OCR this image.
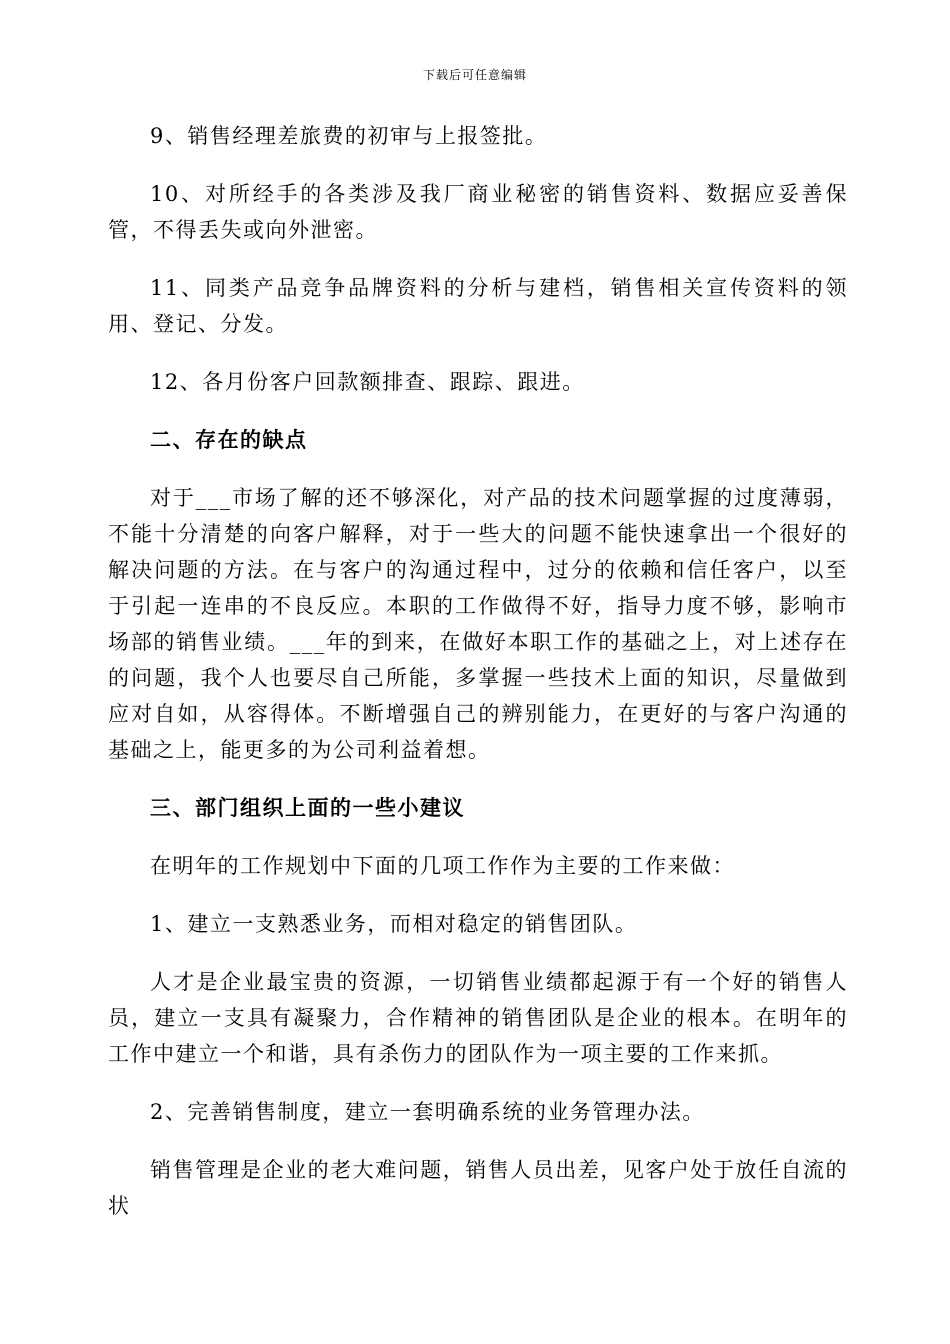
下载后可任意编辑

9、销售经理差旅费的初审与上报签批。

10、对所经手的各类涉及我厂商业秘密的销售资料、数据应妥善保管，不得丢失或向外泄密。

11、同类产品竞争品牌资料的分析与建档，销售相关宣传资料的领用、登记、分发。

12、各月份客户回款额排查、跟踪、跟进。

二、存在的缺点

对于___市场了解的还不够深化，对产品的技术问题掌握的过度薄弱，不能十分清楚的向客户解释，对于一些大的问题不能快速拿出一个很好的解决问题的方法。在与客户的沟通过程中，过分的依赖和信任客户，以至于引起一连串的不良反应。本职的工作做得不好，指导力度不够，影响市场部的销售业绩。___年的到来，在做好本职工作的基础之上，对上述存在的问题，我个人也要尽自己所能，多掌握一些技术上面的知识，尽量做到应对自如，从容得体。不断增强自己的辨别能力，在更好的与客户沟通的基础之上，能更多的为公司利益着想。

三、部门组织上面的一些小建议

在明年的工作规划中下面的几项工作作为主要的工作来做：

1、建立一支熟悉业务，而相对稳定的销售团队。

人才是企业最宝贵的资源，一切销售业绩都起源于有一个好的销售人员，建立一支具有凝聚力，合作精神的销售团队是企业的根本。在明年的工作中建立一个和谐，具有杀伤力的团队作为一项主要的工作来抓。

2、完善销售制度，建立一套明确系统的业务管理办法。

销售管理是企业的老大难问题，销售人员出差，见客户处于放任自流的状
